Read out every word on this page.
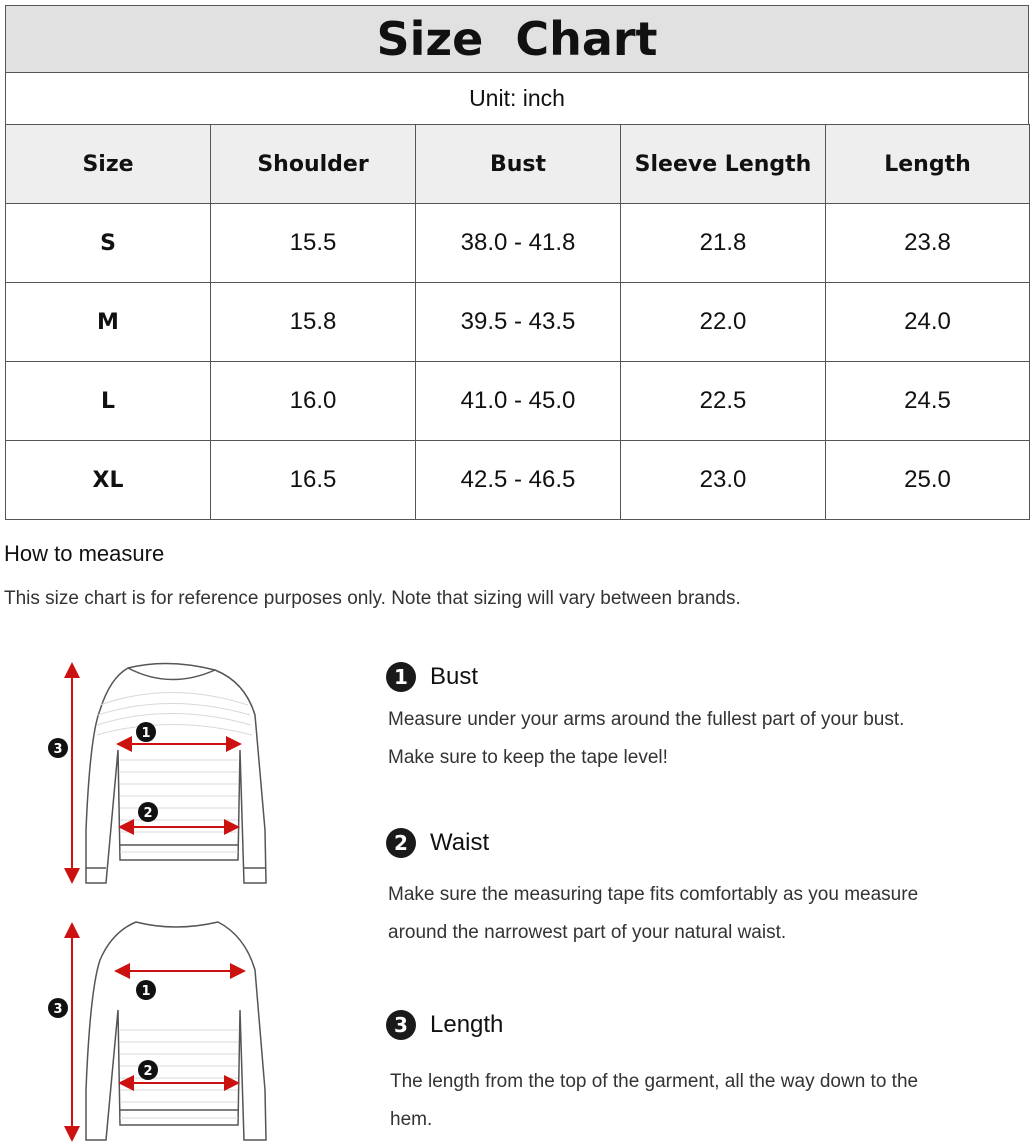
Size Chart
Unit: inch
Size	Shoulder	Bust	Sleeve Length	Length
S	15.5	38.0 - 41.8	21.8	23.8
M	15.8	39.5 - 43.5	22.0	24.0
L	16.0	41.0 - 45.0	22.5	24.5
XL	16.5	42.5 - 46.5	23.0	25.0
How to measure
This size chart is for reference purposes only. Note that sizing will vary between brands.
1
2
3
1
2
3
1 Bust
Measure under your arms around the fullest part of your bust.
Make sure to keep the tape level!
2 Waist
Make sure the measuring tape fits comfortably as you measure
around the narrowest part of your natural waist.
3 Length
The length from the top of the garment, all the way down to the
hem.
